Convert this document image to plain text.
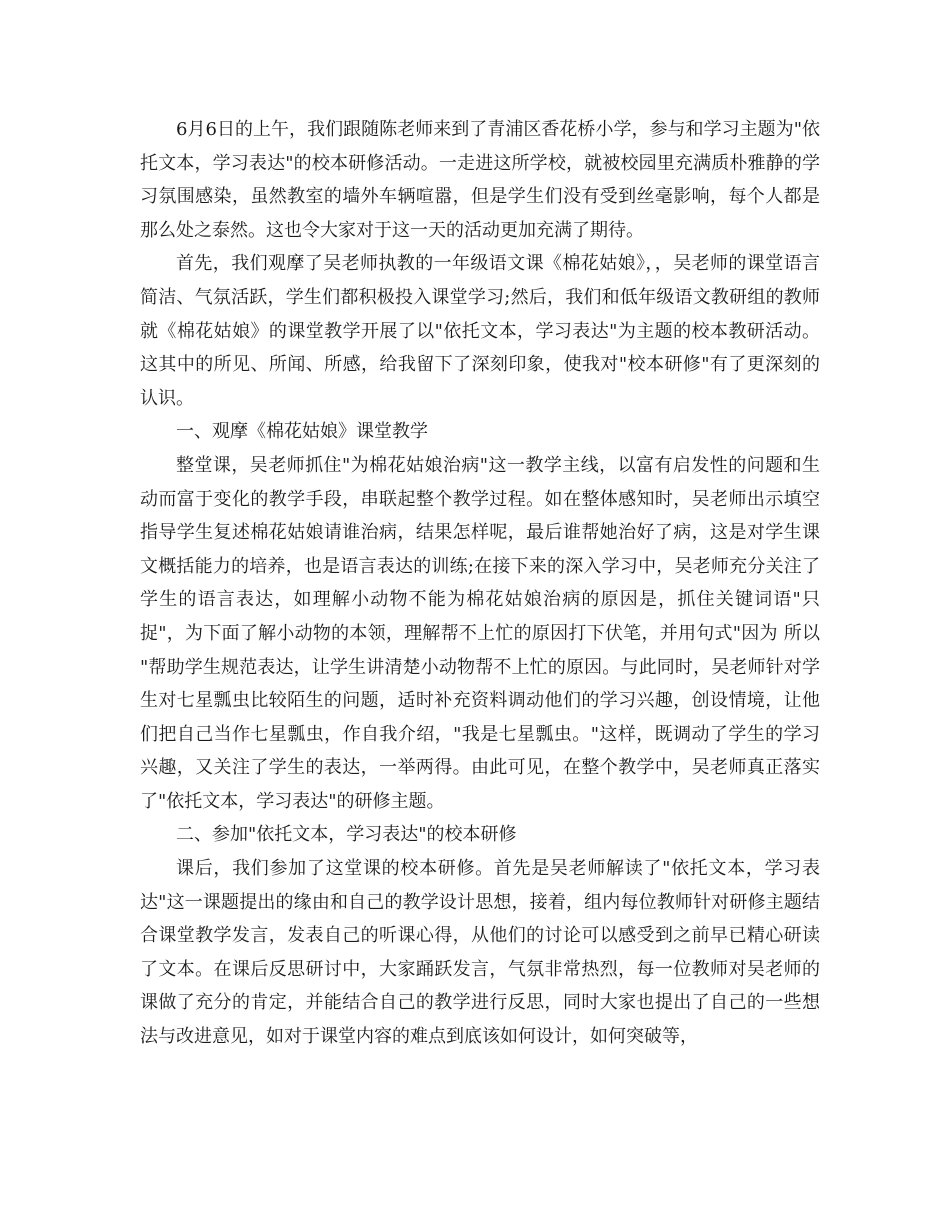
6月6日的上午，我们跟随陈老师来到了青浦区香花桥小学，参与和学习主题为"依托文本，学习表达"的校本研修活动。一走进这所学校，就被校园里充满质朴雅静的学习氛围感染，虽然教室的墙外车辆喧嚣，但是学生们没有受到丝毫影响，每个人都是那么处之泰然。这也令大家对于这一天的活动更加充满了期待。

首先，我们观摩了吴老师执教的一年级语文课《棉花姑娘》，，吴老师的课堂语言简洁、气氛活跃，学生们都积极投入课堂学习;然后，我们和低年级语文教研组的教师就《棉花姑娘》的课堂教学开展了以"依托文本，学习表达"为主题的校本教研活动。这其中的所见、所闻、所感，给我留下了深刻印象，使我对"校本研修"有了更深刻的认识。

一、观摩《棉花姑娘》课堂教学

整堂课，吴老师抓住"为棉花姑娘治病"这一教学主线，以富有启发性的问题和生动而富于变化的教学手段，串联起整个教学过程。如在整体感知时，吴老师出示填空指导学生复述棉花姑娘请谁治病，结果怎样呢，最后谁帮她治好了病，这是对学生课文概括能力的培养，也是语言表达的训练;在接下来的深入学习中，吴老师充分关注了学生的语言表达，如理解小动物不能为棉花姑娘治病的原因是，抓住关键词语"只捉"，为下面了解小动物的本领，理解帮不上忙的原因打下伏笔，并用句式"因为 所以 "帮助学生规范表达，让学生讲清楚小动物帮不上忙的原因。与此同时，吴老师针对学生对七星瓢虫比较陌生的问题，适时补充资料调动他们的学习兴趣，创设情境，让他们把自己当作七星瓢虫，作自我介绍，"我是七星瓢虫。"这样，既调动了学生的学习兴趣，又关注了学生的表达，一举两得。由此可见，在整个教学中，吴老师真正落实了"依托文本，学习表达"的研修主题。

二、参加"依托文本，学习表达"的校本研修

课后，我们参加了这堂课的校本研修。首先是吴老师解读了"依托文本，学习表达"这一课题提出的缘由和自己的教学设计思想，接着，组内每位教师针对研修主题结合课堂教学发言，发表自己的听课心得，从他们的讨论可以感受到之前早已精心研读了文本。在课后反思研讨中，大家踊跃发言，气氛非常热烈，每一位教师对吴老师的课做了充分的肯定，并能结合自己的教学进行反思，同时大家也提出了自己的一些想法与改进意见，如对于课堂内容的难点到底该如何设计，如何突破等，
